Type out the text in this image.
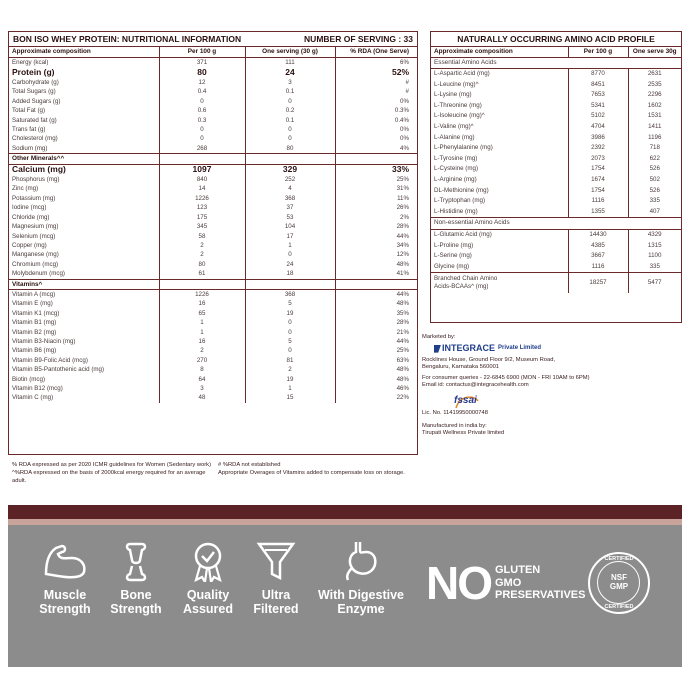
BON ISO WHEY PROTEIN: NUTRITIONAL INFORMATION	NUMBER OF SERVING : 33
Approximate composition	Per 100 g	One serving (30 g)	% RDA (One Serve)
Energy (kcal)	371	111	6%
Protein (g)	80	24	52%
Carbohydrate (g)	12	3	#
Total Sugars (g)	0.4	0.1	#
Added Sugars (g)	0	0	0%
Total Fat (g)	0.6	0.2	0.3%
Saturated fat (g)	0.3	0.1	0.4%
Trans fat (g)	0	0	0%
Cholesterol (mg)	0	0	0%
Sodium (mg)	268	80	4%
Other Minerals^^			
Calcium (mg)	1097	329	33%
Phosphorus (mg)	840	252	25%
Zinc (mg)	14	4	31%
Potassium (mg)	1226	368	11%
Iodine (mcg)	123	37	26%
Chloride (mg)	175	53	2%
Magnesium (mg)	345	104	28%
Selenium (mcg)	58	17	44%
Copper (mg)	2	1	34%
Manganese (mg)	2	0	12%
Chromium (mcg)	80	24	48%
Molybdenum (mcg)	61	18	41%
Vitamins^			
Vitamin A (mcg)	1226	368	44%
Vitamin E (mg)	16	5	48%
Vitamin K1 (mcg)	65	19	35%
Vitamin B1 (mg)	1	0	28%
Vitamin B2 (mg)	1	0	21%
Vitamin B3-Niacin (mg)	16	5	44%
Vitamin B6 (mg)	2	0	25%
Vitamin B9-Folic Acid (mcg)	270	81	63%
Vitamin B5-Pantothenic acid (mg)	8	2	48%
Biotin (mcg)	64	19	48%
Vitamin B12 (mcg)	3	1	46%
Vitamin C (mg)	48	15	22%
% RDA expressed as per 2020 ICMR guidelines for Women (Sedentary work)
^%RDA expressed on the basis of 2000kcal energy required for an average adult.
# %RDA not established
Appropriate Overages of Vitamins added to compensate loss on storage.
NATURALLY OCCURRING AMINO ACID PROFILE
Approximate composition	Per 100 g	One serve 30g
Essential Amino Acids		
L-Aspartic Acid (mg)	8770	2631
L-Leucine (mg)^	8451	2535
L-Lysine (mg)	7653	2296
L-Threonine (mg)	5341	1602
L-Isoleucine (mg)^	5102	1531
L-Valine (mg)^	4704	1411
L-Alanine (mg)	3986	1196
L-Phenylalanine (mg)	2392	718
L-Tyrosine (mg)	2073	622
L-Cysteine (mg)	1754	526
L-Arginine (mg)	1674	502
DL-Methionine (mg)	1754	526
L-Tryptophan (mg)	1116	335
L-Histidine (mg)	1355	407
Non-essential Amino Acids		
L-Glutamic Acid (mg)	14430	4329
L-Proline (mg)	4385	1315
L-Serine (mg)	3667	1100
Glycine (mg)	1116	335

Branched Chain Amino
Acids-BCAAs^ (mg)	18257	5477
Marketed by:
INTEGRACE Private Limited
Rocklines House, Ground Floor 9/2, Museum Road,
Bengaluru, Karnataka 560001
For consumer queries - 22-6845 6900 (MON - FRI 10AM to 6PM)
Email id: contactus@integracehealth.com
fssai
Lic. No. 11419950000748
Manufactured in india by:
Tirupati Wellness Private limited
Muscle
Strength
Bone
Strength
Quality
Assured
Ultra
Filtered
With Digestive
Enzyme NO GLUTEN
GMO
PRESERVATIVES
CERTIFIED
NSF
GMP
CERTIFIED
